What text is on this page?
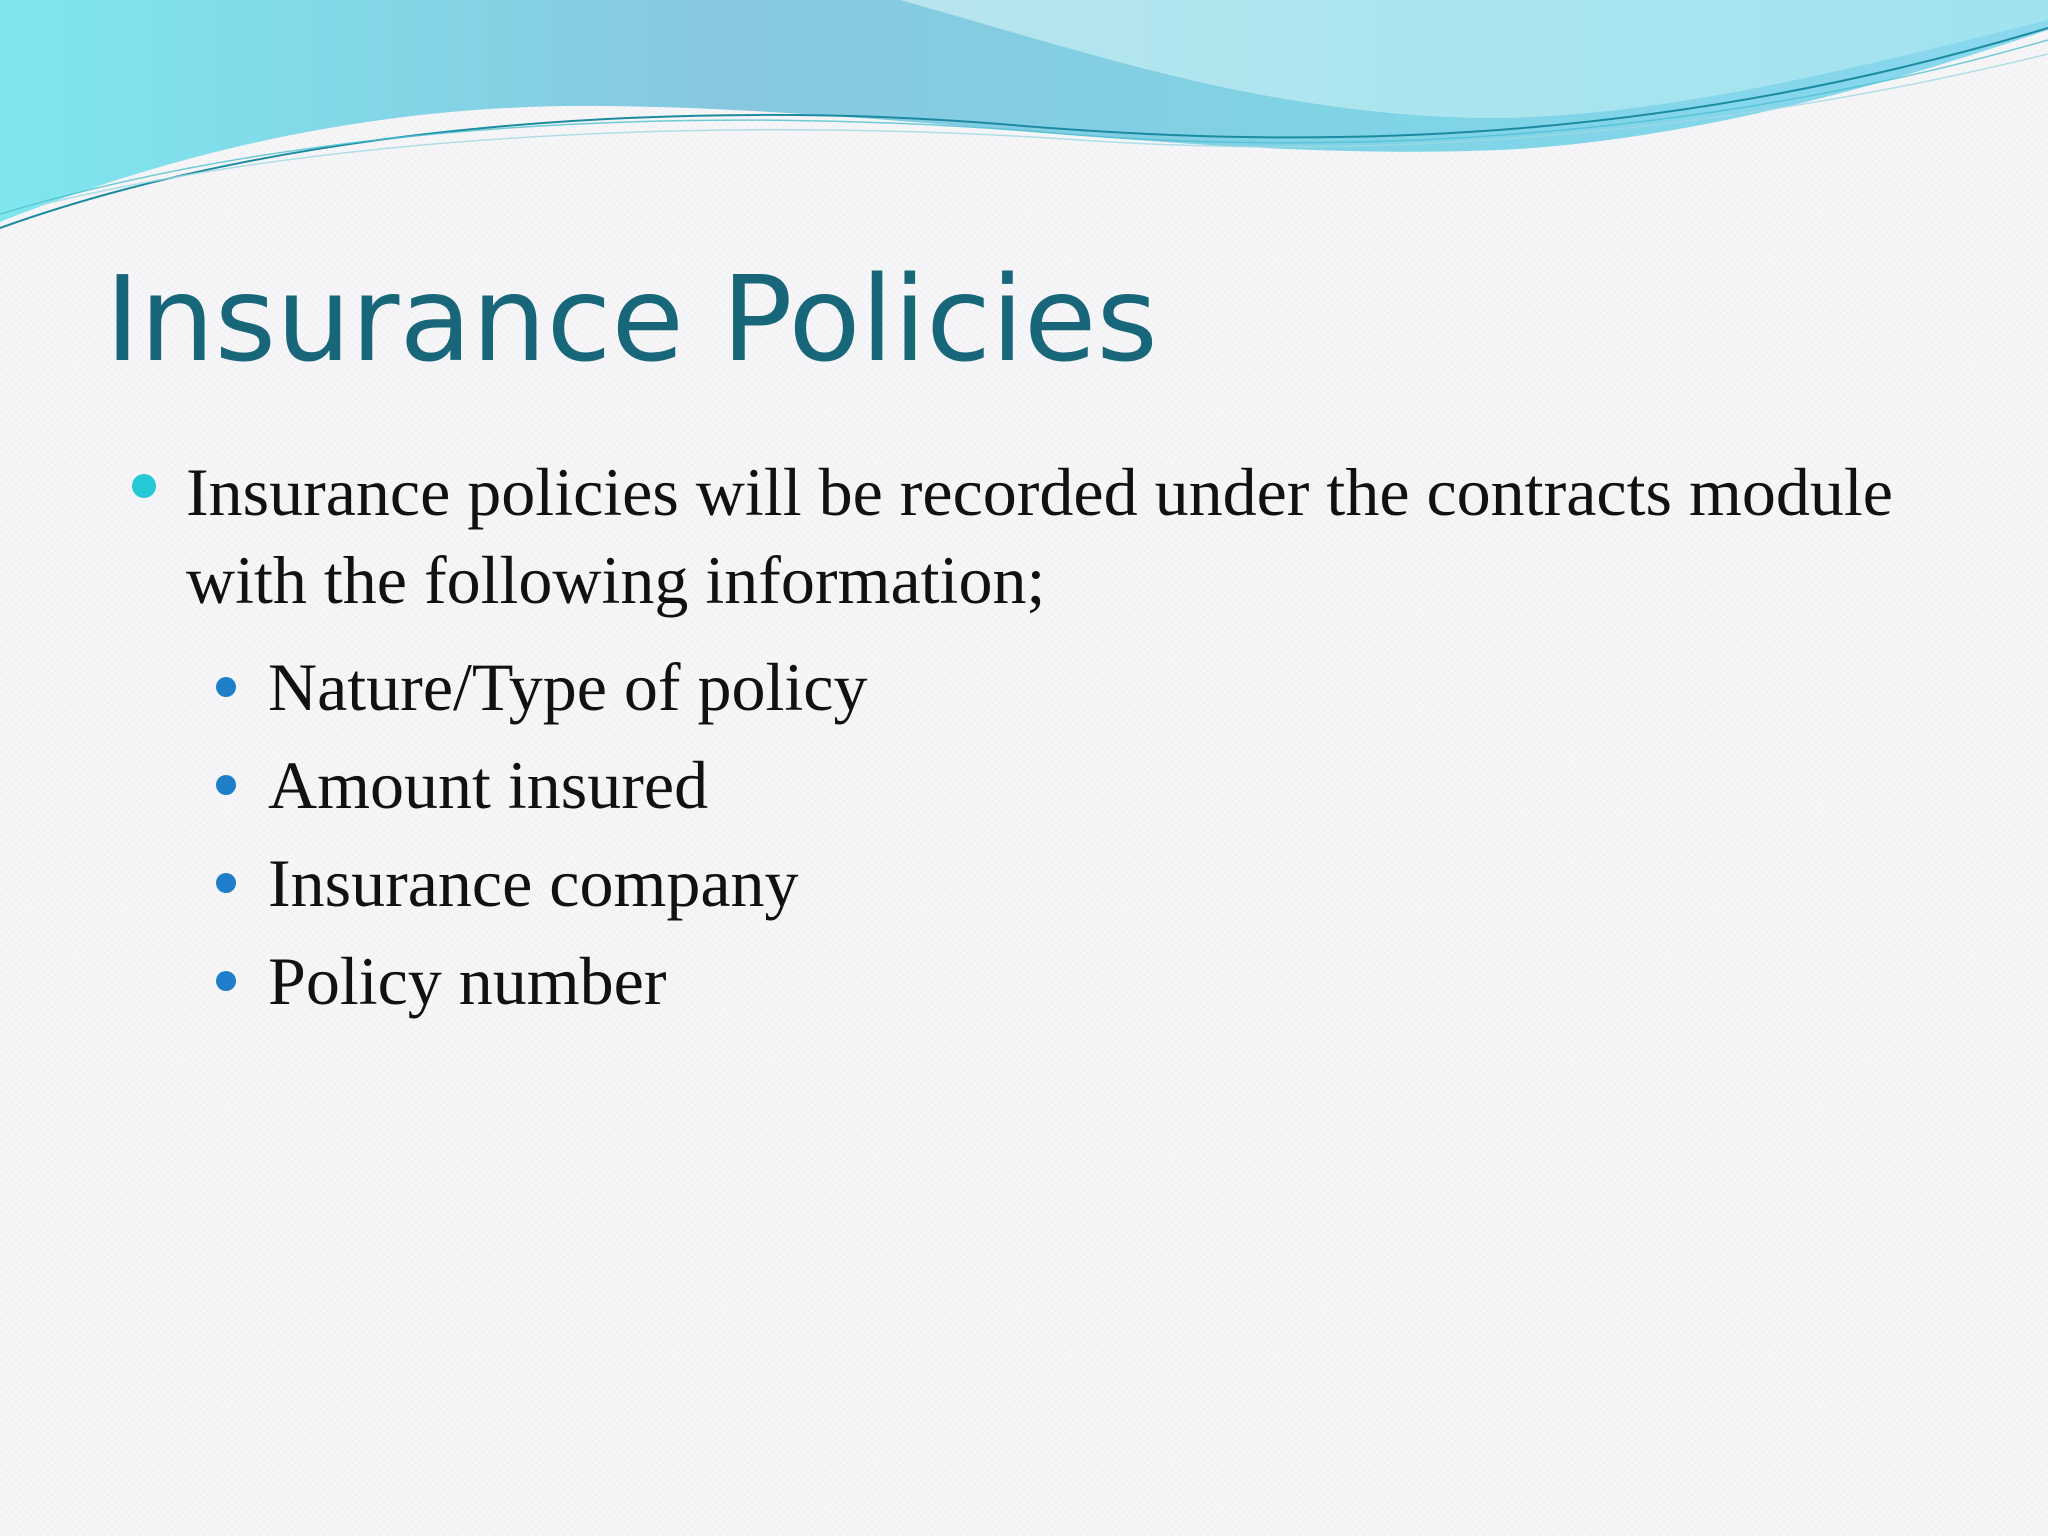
Insurance Policies

Insurance policies will be recorded under the contracts module with the following information;

Nature/Type of policy
Amount insured
Insurance company
Policy number
